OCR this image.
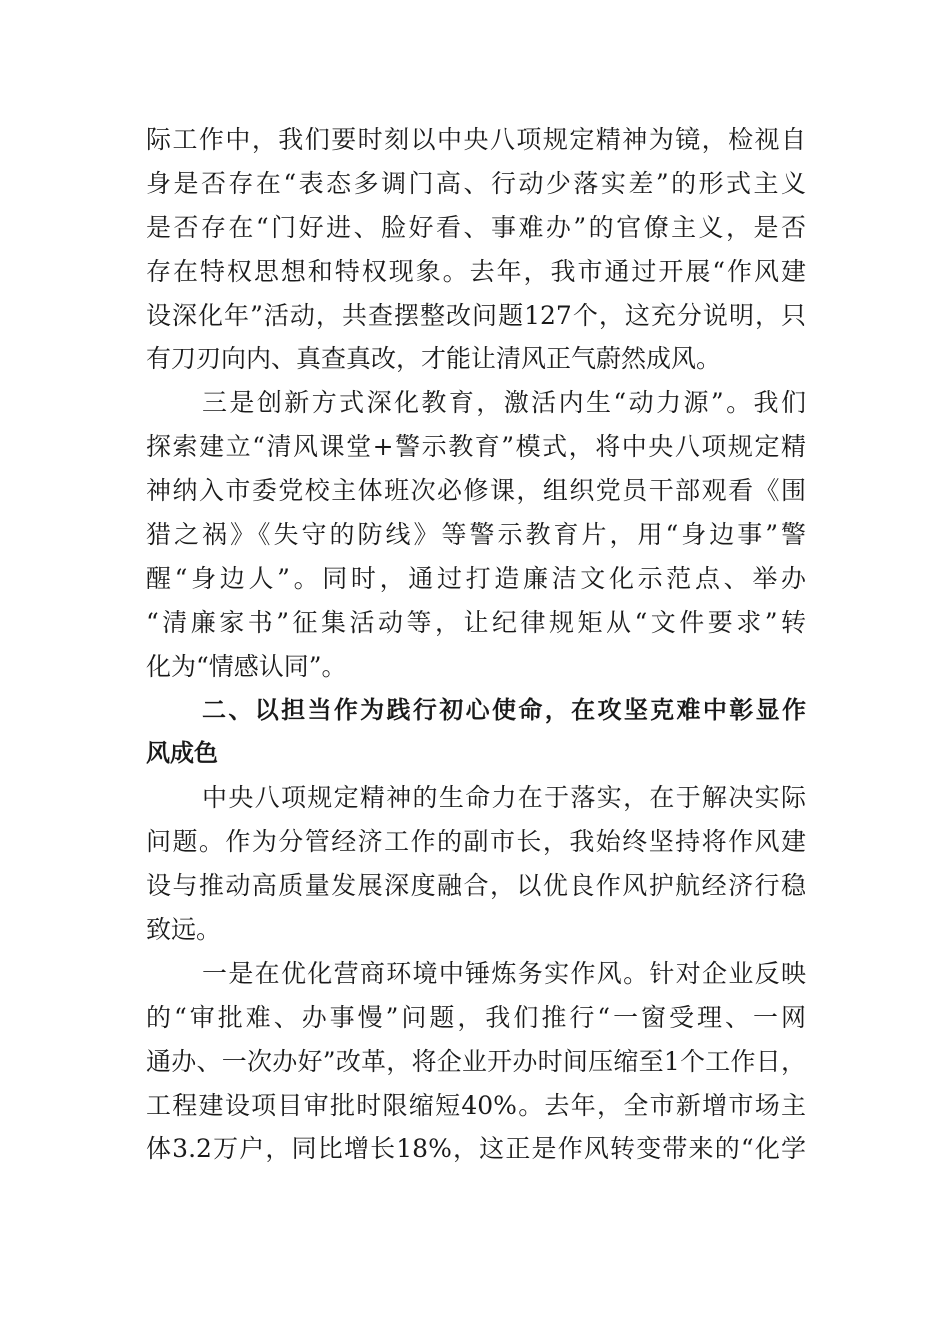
际工作中，我们要时刻以中央八项规定精神为镜，检视自
身是否存在“表态多调门高、行动少落实差”的形式主义
是否存在“门好进、脸好看、事难办”的官僚主义，是否
存在特权思想和特权现象。去年，我市通过开展“作风建
设深化年”活动，共查摆整改问题127个，这充分说明，只
有刀刃向内、真查真改，才能让清风正气蔚然成风。
三是创新方式深化教育，激活内生“动力源”。我们
探索建立“清风课堂+警示教育”模式，将中央八项规定精
神纳入市委党校主体班次必修课，组织党员干部观看《围
猎之祸》《失守的防线》等警示教育片，用“身边事”警
醒“身边人”。同时，通过打造廉洁文化示范点、举办
“清廉家书”征集活动等，让纪律规矩从“文件要求”转
化为“情感认同”。
二、以担当作为践行初心使命，在攻坚克难中彰显作
风成色
中央八项规定精神的生命力在于落实，在于解决实际
问题。作为分管经济工作的副市长，我始终坚持将作风建
设与推动高质量发展深度融合，以优良作风护航经济行稳
致远。
一是在优化营商环境中锤炼务实作风。针对企业反映
的“审批难、办事慢”问题，我们推行“一窗受理、一网
通办、一次办好”改革，将企业开办时间压缩至1个工作日，
工程建设项目审批时限缩短40%。去年，全市新增市场主
体3.2万户，同比增长18%，这正是作风转变带来的“化学
